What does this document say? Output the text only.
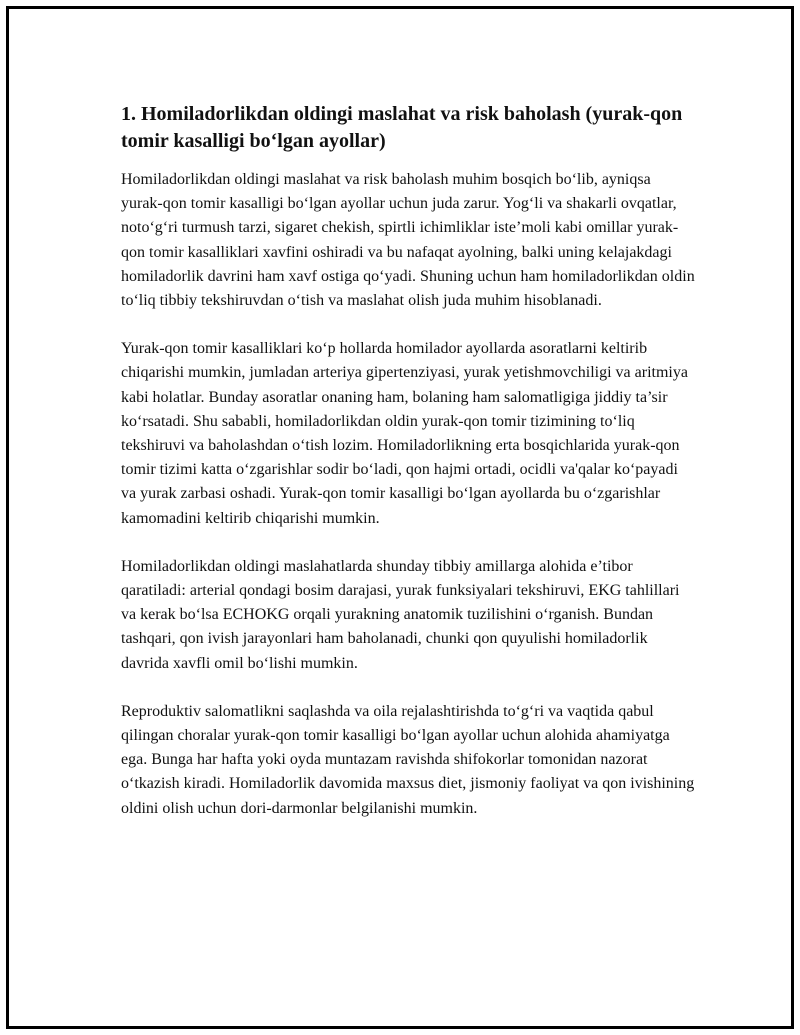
1. Homiladorlikdan oldingi maslahat va risk baholash (yurak-qon tomir kasalligi bo‘lgan ayollar)

Homiladorlikdan oldingi maslahat va risk baholash muhim bosqich bo‘lib, ayniqsa yurak-qon tomir kasalligi bo‘lgan ayollar uchun juda zarur. Yog‘li va shakarli ovqatlar, noto‘g‘ri turmush tarzi, sigaret chekish, spirtli ichimliklar iste’moli kabi omillar yurak-qon tomir kasalliklari xavfini oshiradi va bu nafaqat ayolning, balki uning kelajakdagi homiladorlik davrini ham xavf ostiga qo‘yadi. Shuning uchun ham homiladorlikdan oldin to‘liq tibbiy tekshiruvdan o‘tish va maslahat olish juda muhim hisoblanadi.

Yurak-qon tomir kasalliklari ko‘p hollarda homilador ayollarda asoratlarni keltirib chiqarishi mumkin, jumladan arteriya gipertenziyasi, yurak yetishmovchiligi va aritmiya kabi holatlar. Bunday asoratlar onaning ham, bolaning ham salomatligiga jiddiy ta’sir ko‘rsatadi. Shu sababli, homiladorlikdan oldin yurak-qon tomir tizimining to‘liq tekshiruvi va baholashdan o‘tish lozim. Homiladorlikning erta bosqichlarida yurak-qon tomir tizimi katta o‘zgarishlar sodir bo‘ladi, qon hajmi ortadi, ocidli va'qalar ko‘payadi va yurak zarbasi oshadi. Yurak-qon tomir kasalligi bo‘lgan ayollarda bu o‘zgarishlar kamomadini keltirib chiqarishi mumkin.

Homiladorlikdan oldingi maslahatlarda shunday tibbiy amillarga alohida e’tibor qaratiladi: arterial qondagi bosim darajasi, yurak funksiyalari tekshiruvi, EKG tahlillari va kerak bo‘lsa ECHOKG orqali yurakning anatomik tuzilishini o‘rganish. Bundan tashqari, qon ivish jarayonlari ham baholanadi, chunki qon quyulishi homiladorlik davrida xavfli omil bo‘lishi mumkin.

Reproduktiv salomatlikni saqlashda va oila rejalashtirishda to‘g‘ri va vaqtida qabul qilingan choralar yurak-qon tomir kasalligi bo‘lgan ayollar uchun alohida ahamiyatga ega. Bunga har hafta yoki oyda muntazam ravishda shifokorlar tomonidan nazorat o‘tkazish kiradi. Homiladorlik davomida maxsus diet, jismoniy faoliyat va qon ivishining oldini olish uchun dori-darmonlar belgilanishi mumkin.
